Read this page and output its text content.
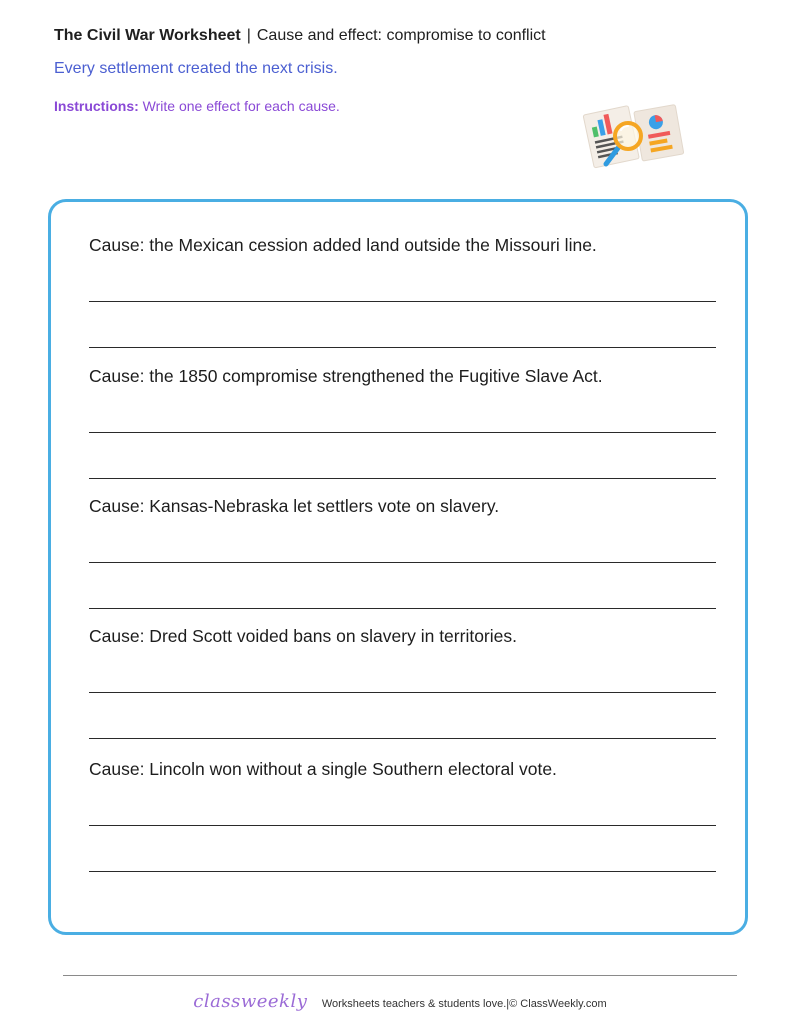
The Civil War Worksheet | Cause and effect: compromise to conflict
Every settlement created the next crisis.
Instructions: Write one effect for each cause.
Cause: the Mexican cession added land outside the Missouri line.
Cause: the 1850 compromise strengthened the Fugitive Slave Act.
Cause: Kansas-Nebraska let settlers vote on slavery.
Cause: Dred Scott voided bans on slavery in territories.
Cause: Lincoln won without a single Southern electoral vote.
classweekly Worksheets teachers & students love.|© ClassWeekly.com
